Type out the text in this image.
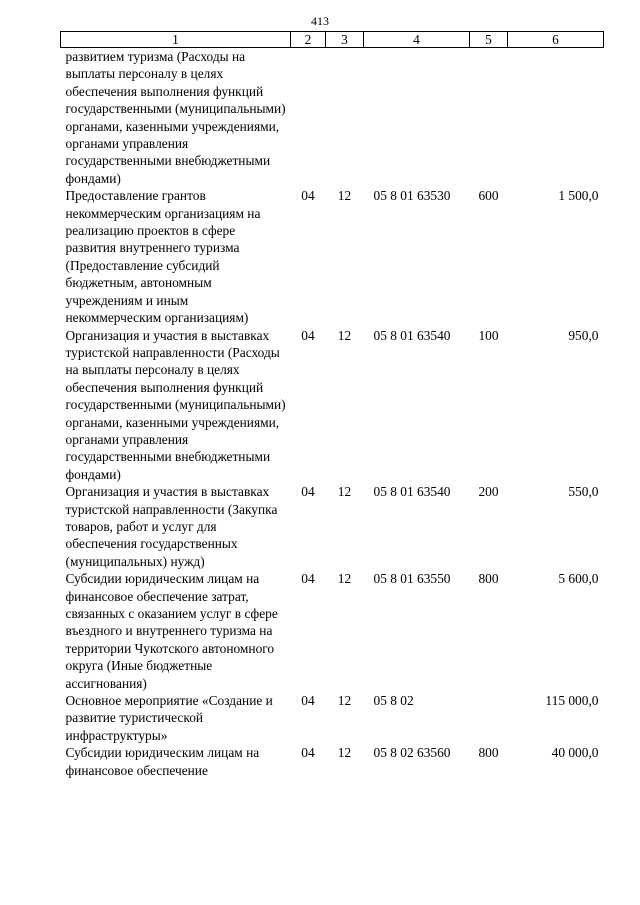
413
1	2	3	4	5	6
развитием туризма (Расходы на выплаты персоналу в целях обеспечения выполнения функций государственными (муниципальными) органами, казенными учреждениями, органами управления государственными внебюджетными фондами)					
Предоставление грантов некоммерческим организациям на реализацию проектов в сфере развития внутреннего туризма (Предоставление субсидий бюджетным, автономным учреждениям и иным некоммерческим организациям)	04	12	05 8 01 63530	600	1 500,0
Организация и участия в выставках туристской направленности (Расходы на выплаты персоналу в целях обеспечения выполнения функций государственными (муниципальными) органами, казенными учреждениями, органами управления государственными внебюджетными фондами)	04	12	05 8 01 63540	100	950,0
Организация и участия в выставках туристской направленности (Закупка товаров, работ и услуг для обеспечения государственных (муниципальных) нужд)	04	12	05 8 01 63540	200	550,0
Субсидии юридическим лицам на финансовое обеспечение затрат, связанных с оказанием услуг в сфере въездного и внутреннего туризма на территории Чукотского автономного округа (Иные бюджетные ассигнования)	04	12	05 8 01 63550	800	5 600,0
Основное мероприятие «Создание и развитие туристической инфраструктуры»	04	12	05 8 02		115 000,0
Субсидии юридическим лицам на финансовое обеспечение	04	12	05 8 02 63560	800	40 000,0
